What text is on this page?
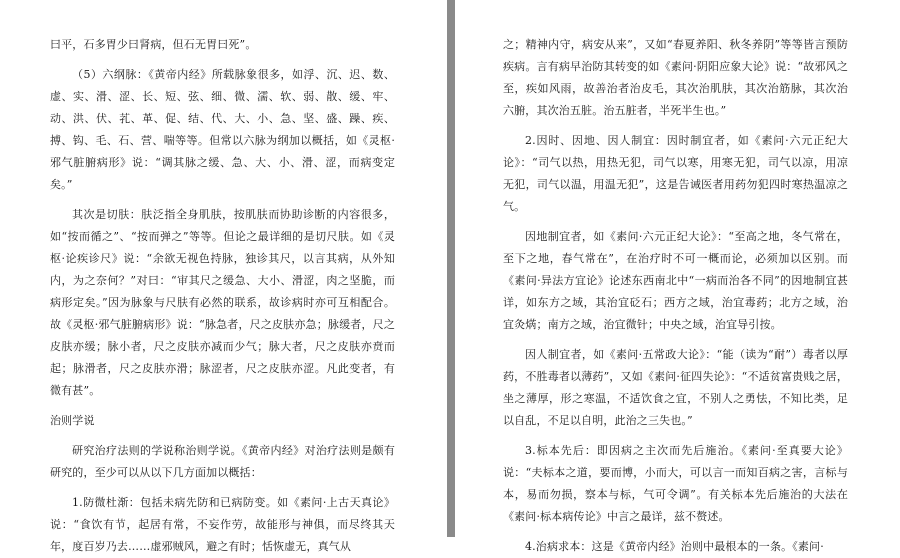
曰平，石多胃少曰肾病，但石无胃曰死”。

（5）六纲脉：《黄帝内经》所载脉象很多，如浮、沉、迟、数、虚、实、滑、涩、长、短、弦、细、微、濡、软、弱、散、缓、牢、动、洪、伏、芤、革、促、结、代、大、小、急、坚、盛、躁、疾、搏、钩、毛、石、营、喘等等。但常以六脉为纲加以概括，如《灵枢·邪气脏腑病形》说：“调其脉之缓、急、大、小、滑、涩，而病变定矣。”

其次是切肤：肤泛指全身肌肤，按肌肤而协助诊断的内容很多，如“按而循之”、“按而弹之”等等。但论之最详细的是切尺肤。如《灵枢·论疾诊尺》说：“余欲无视色持脉，独诊其尺，以言其病，从外知内，为之奈何？”对曰：“审其尺之缓急、大小、滑涩，肉之坚脆，而病形定矣。”因为脉象与尺肤有必然的联系，故诊病时亦可互相配合。故《灵枢·邪气脏腑病形》说：“脉急者，尺之皮肤亦急；脉缓者，尺之皮肤亦缓；脉小者，尺之皮肤亦减而少气；脉大者，尺之皮肤亦贲而起；脉滑者，尺之皮肤亦滑；脉涩者，尺之皮肤亦涩。凡此变者，有微有甚”。

治则学说

研究治疗法则的学说称治则学说。《黄帝内经》对治疗法则是颇有研究的，至少可以从以下几方面加以概括：

1.防微杜渐：包括未病先防和已病防变。如《素问·上古天真论》说：“食饮有节，起居有常，不妄作劳，故能形与神俱，而尽终其天年，度百岁乃去……虚邪贼风，避之有时；恬恢虚无，真气从

之；精神内守，病安从来”，又如“春夏养阳、秋冬养阴”等等皆言预防疾病。言有病早治防其转变的如《素问·阴阳应象大论》说：“故邪风之至，疾如风雨，故善治者治皮毛，其次治肌肤，其次治筋脉，其次治六腑，其次治五脏。治五脏者，半死半生也。”

2.因时、因地、因人制宜：因时制宜者，如《素问·六元正纪大论》：“司气以热，用热无犯，司气以寒，用寒无犯，司气以凉，用凉无犯，司气以温，用温无犯”，这是告诫医者用药勿犯四时寒热温凉之气。

因地制宜者，如《素问·六元正纪大论》：“至高之地，冬气常在，至下之地，春气常在”，在治疗时不可一概而论，必须加以区别。而《素问·异法方宜论》论述东西南北中“一病而治各不同”的因地制宜甚详，如东方之域，其治宜砭石；西方之域，治宜毒药；北方之域，治宜灸焫；南方之域，治宜微针；中央之域，治宜导引按。

因人制宜者，如《素问·五常政大论》：“能（读为“耐”）毒者以厚药，不胜毒者以薄药”，又如《素问·征四失论》：“不适贫富贵贱之居，坐之薄厚，形之寒温，不适饮食之宜，不别人之勇怯，不知比类，足以自乱，不足以自明，此治之三失也。”

3.标本先后：即因病之主次而先后施治。《素问·至真要大论》说：“夫标本之道，要而博，小而大，可以言一而知百病之害，言标与本，易而勿损，察本与标，气可令调”。有关标本先后施治的大法在《素问·标本病传论》中言之最详，兹不赘述。

4.治病求本：这是《黄帝内经》治则中最根本的一条。《素问·
